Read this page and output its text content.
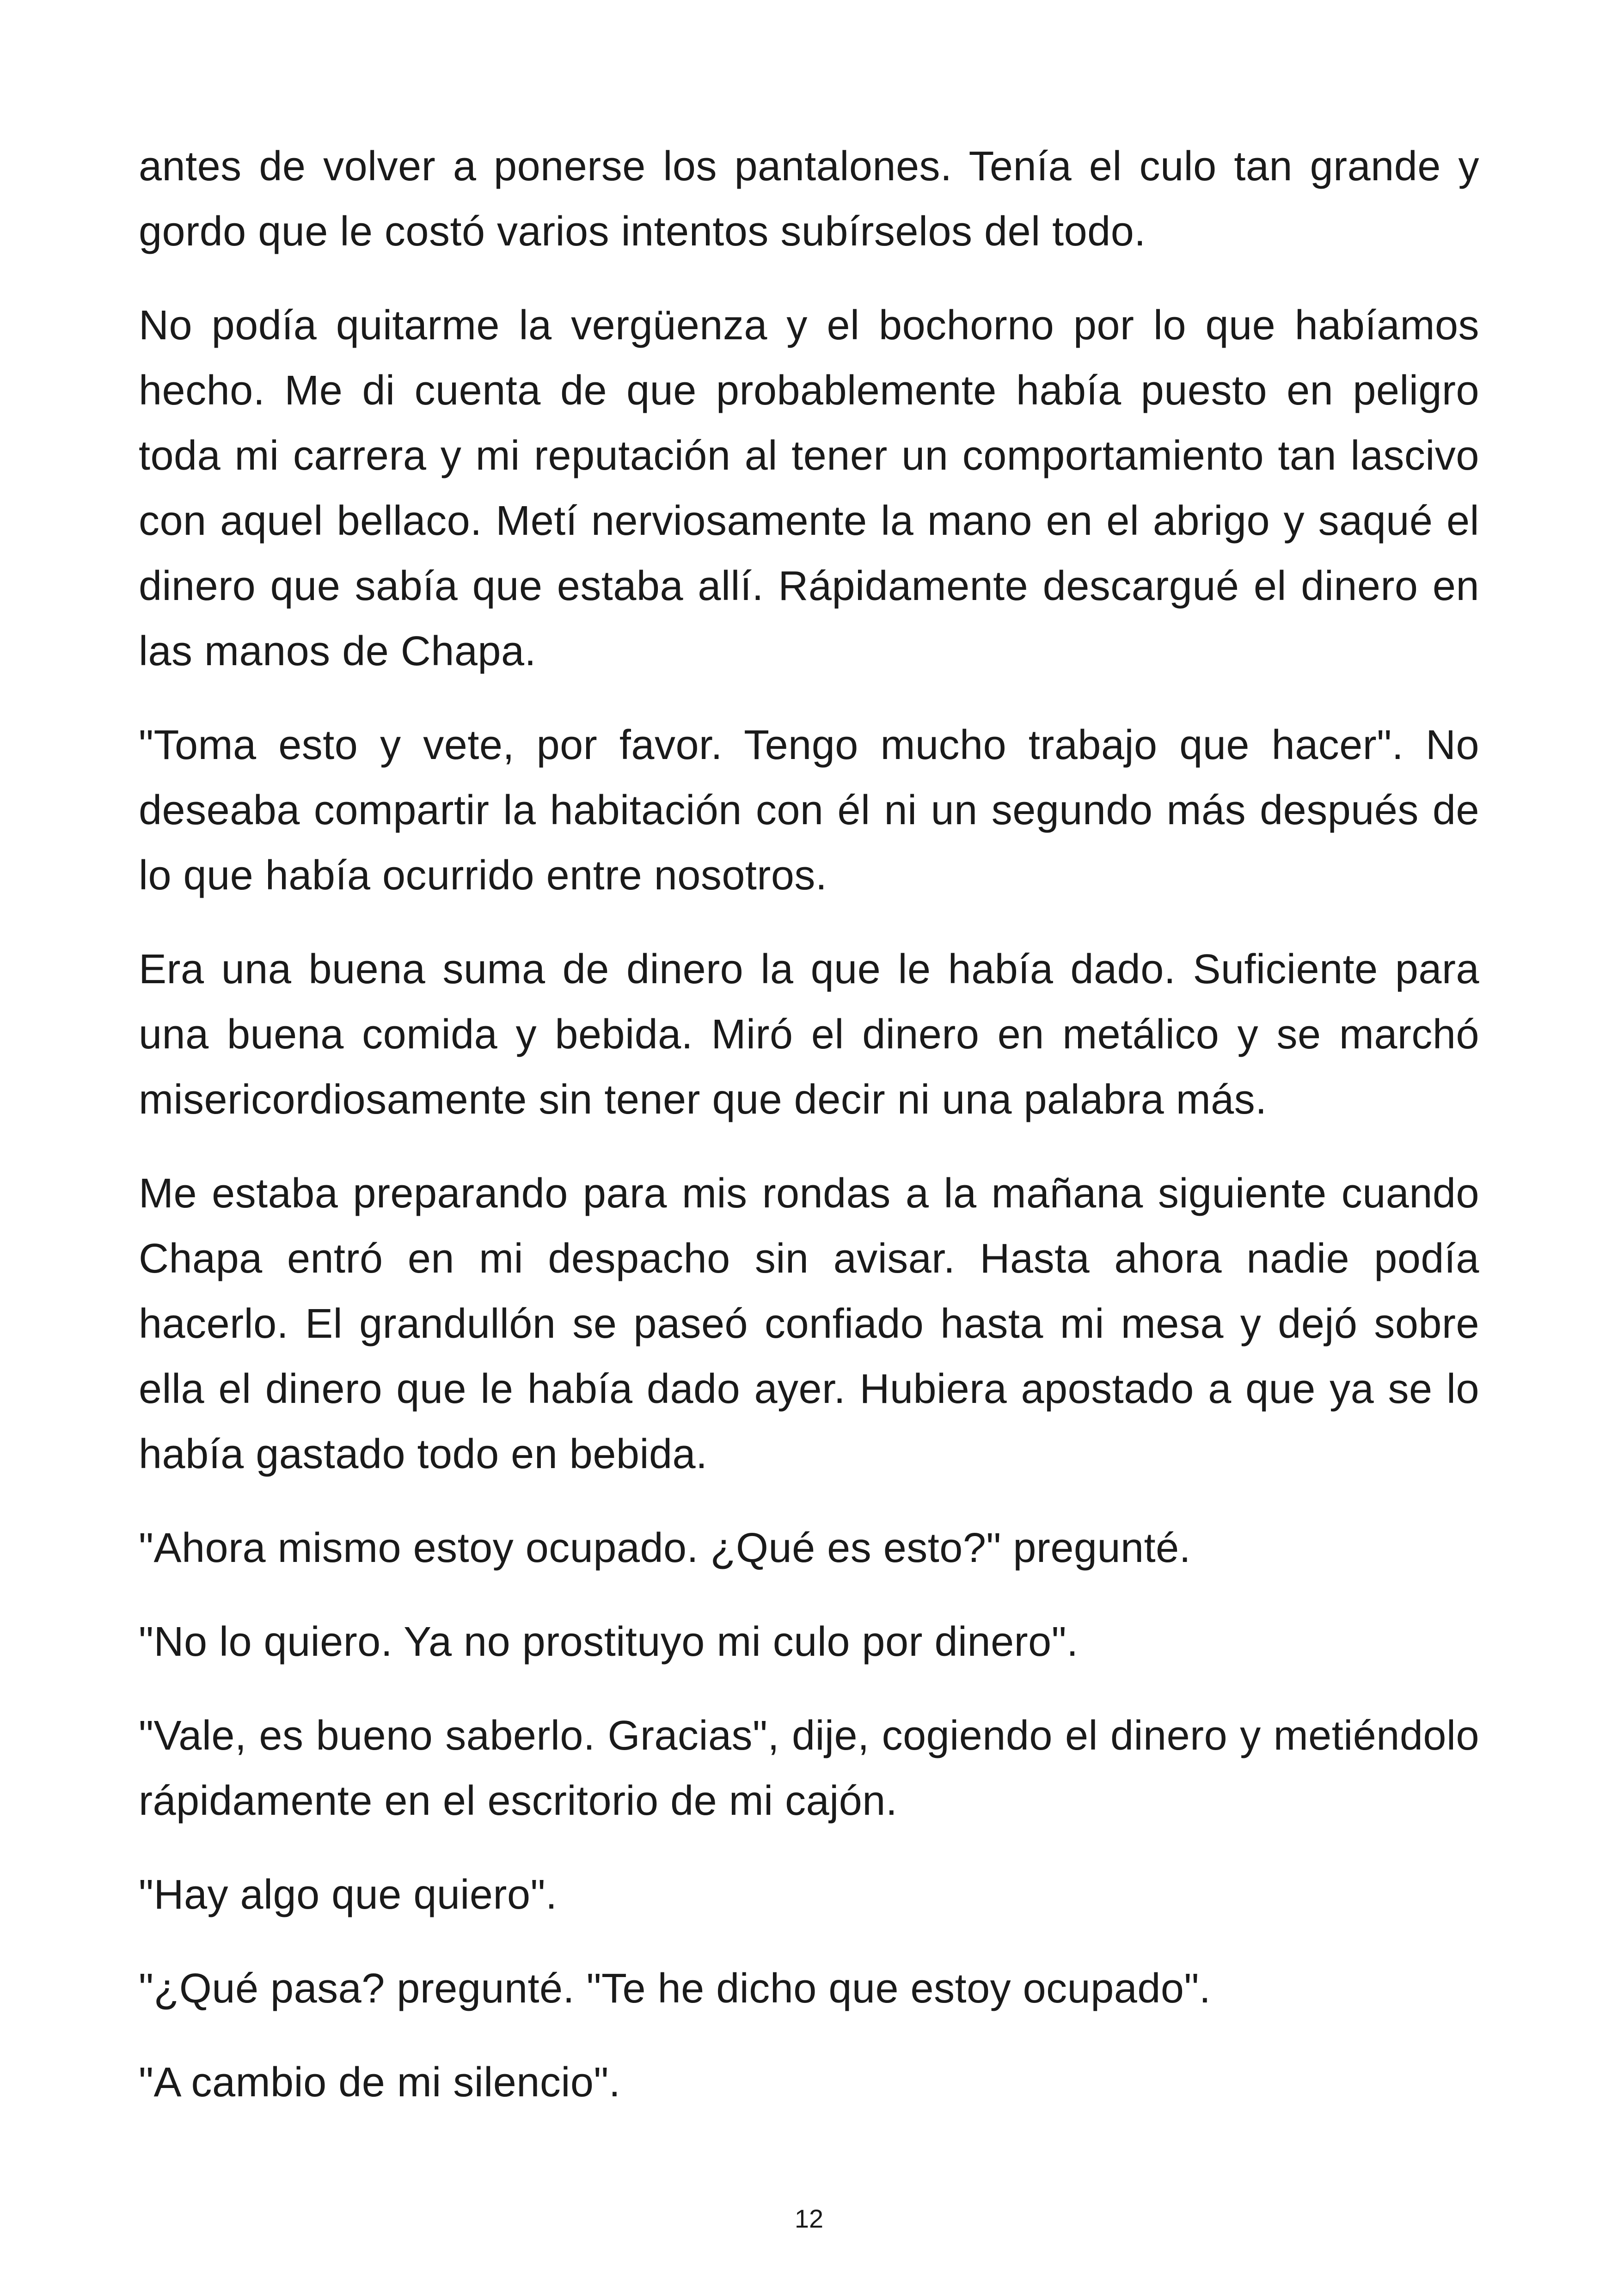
antes de volver a ponerse los pantalones. Tenía el culo tan grande y gordo que le costó varios intentos subírselos del todo.

No podía quitarme la vergüenza y el bochorno por lo que habíamos hecho. Me di cuenta de que probablemente había puesto en peligro toda mi carrera y mi reputación al tener un comportamiento tan lascivo con aquel bellaco. Metí nerviosamente la mano en el abrigo y saqué el dinero que sabía que estaba allí. Rápidamente descargué el dinero en las manos de Chapa.

"Toma esto y vete, por favor. Tengo mucho trabajo que hacer". No deseaba compartir la habitación con él ni un segundo más después de lo que había ocurrido entre nosotros.

Era una buena suma de dinero la que le había dado. Suficiente para una buena comida y bebida. Miró el dinero en metálico y se marchó misericordiosamente sin tener que decir ni una palabra más.

Me estaba preparando para mis rondas a la mañana siguiente cuando Chapa entró en mi despacho sin avisar. Hasta ahora nadie podía hacerlo. El grandullón se paseó confiado hasta mi mesa y dejó sobre ella el dinero que le había dado ayer. Hubiera apostado a que ya se lo había gastado todo en bebida.

"Ahora mismo estoy ocupado. ¿Qué es esto?" pregunté.

"No lo quiero. Ya no prostituyo mi culo por dinero".

"Vale, es bueno saberlo. Gracias", dije, cogiendo el dinero y metiéndolo rápidamente en el escritorio de mi cajón.

"Hay algo que quiero".

"¿Qué pasa? pregunté. "Te he dicho que estoy ocupado".

"A cambio de mi silencio".

12
